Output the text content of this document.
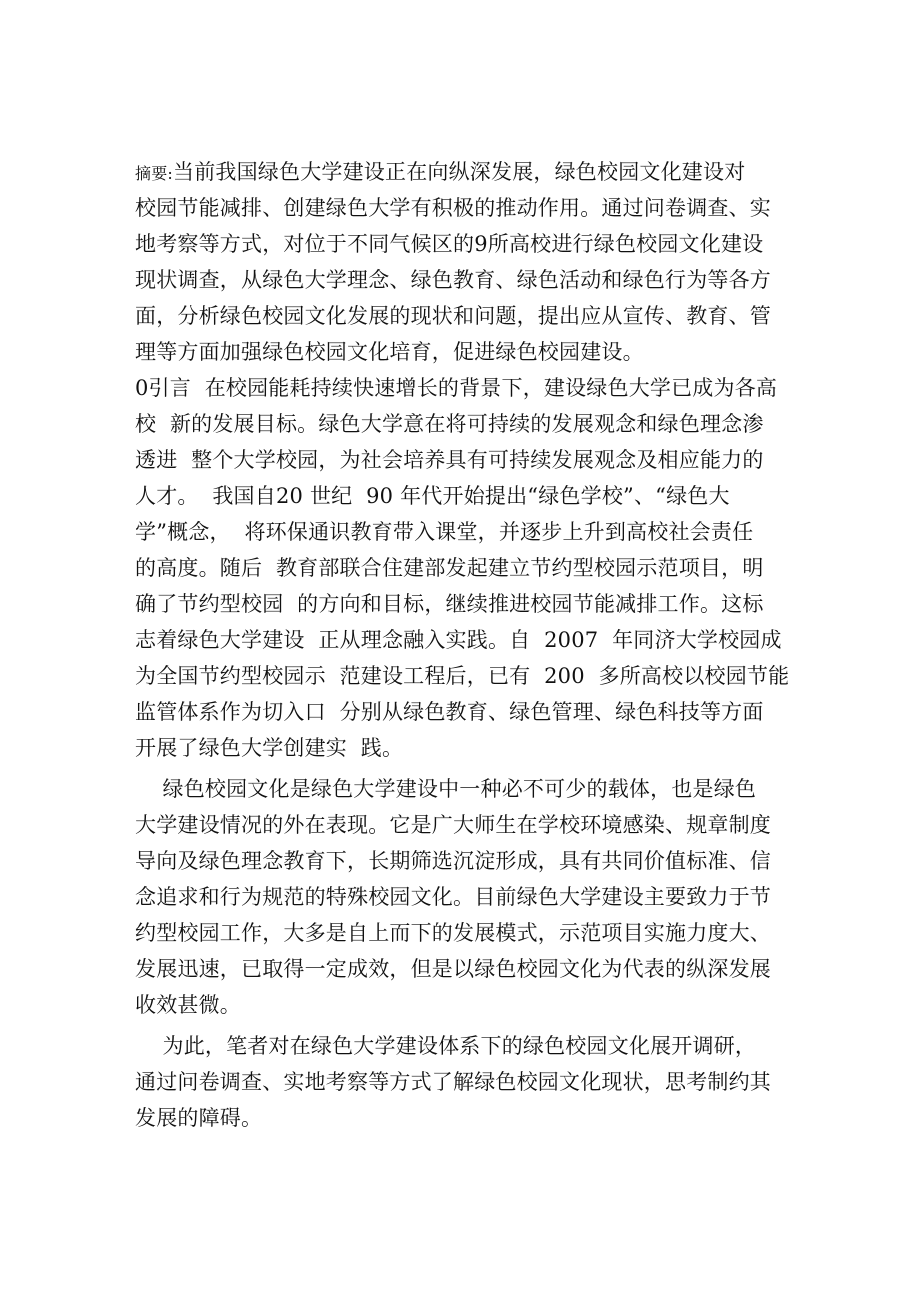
摘要:当前我国绿色大学建设正在向纵深发展，绿色校园文化建设对
校园节能减排、创建绿色大学有积极的推动作用。通过问卷调查、实
地考察等方式，对位于不同气候区的9所高校进行绿色校园文化建设
现状调查，从绿色大学理念、绿色教育、绿色活动和绿色行为等各方
面，分析绿色校园文化发展的现状和问题，提出应从宣传、教育、管
理等方面加强绿色校园文化培育，促进绿色校园建设。
0引言  在校园能耗持续快速增长的背景下，建设绿色大学已成为各高
校  新的发展目标。绿色大学意在将可持续的发展观念和绿色理念渗
透进  整个大学校园，为社会培养具有可持续发展观念及相应能力的
人才。  我国自20 世纪  90 年代开始提出“绿色学校”、“绿色大
学”概念，  将环保通识教育带入课堂，并逐步上升到高校社会责任
的高度。随后  教育部联合住建部发起建立节约型校园示范项目，明
确了节约型校园  的方向和目标，继续推进校园节能减排工作。这标
志着绿色大学建设  正从理念融入实践。自  2007  年同济大学校园成
为全国节约型校园示  范建设工程后，已有  200  多所高校以校园节能
监管体系作为切入口  分别从绿色教育、绿色管理、绿色科技等方面
开展了绿色大学创建实  践。
绿色校园文化是绿色大学建设中一种必不可少的载体，也是绿色
大学建设情况的外在表现。它是广大师生在学校环境感染、规章制度
导向及绿色理念教育下，长期筛选沉淀形成，具有共同价值标准、信
念追求和行为规范的特殊校园文化。目前绿色大学建设主要致力于节
约型校园工作，大多是自上而下的发展模式，示范项目实施力度大、
发展迅速，已取得一定成效，但是以绿色校园文化为代表的纵深发展
收效甚微。
为此，笔者对在绿色大学建设体系下的绿色校园文化展开调研，
通过问卷调查、实地考察等方式了解绿色校园文化现状，思考制约其
发展的障碍。
